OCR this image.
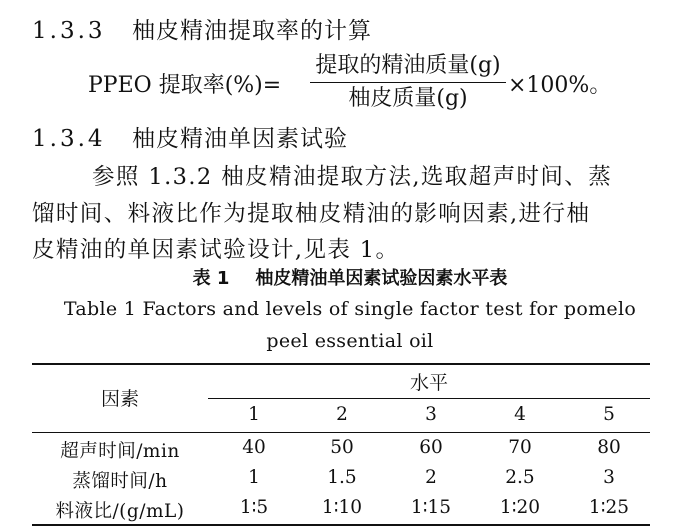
1.3.3 柚皮精油提取率的计算
PPEO 提取率(%)=
提取的精油质量(g)
柚皮质量(g)
×100%。
1.3.4 柚皮精油单因素试验
参照 1.3.2 柚皮精油提取方法,选取超声时间、蒸
馏时间、料液比作为提取柚皮精油的影响因素,进行柚
皮精油的单因素试验设计,见表 1。
表 1 柚皮精油单因素试验因素水平表
Table 1 Factors and levels of single factor test for pomelo
peel essential oil
因素
水平
1	2	3	4	5
超声时间/min	40	50	60	70	80
蒸馏时间/h	1	1.5	2	2.5	3
料液比/(g/mL)	1∶5	1∶10	1∶15	1∶20	1∶25
